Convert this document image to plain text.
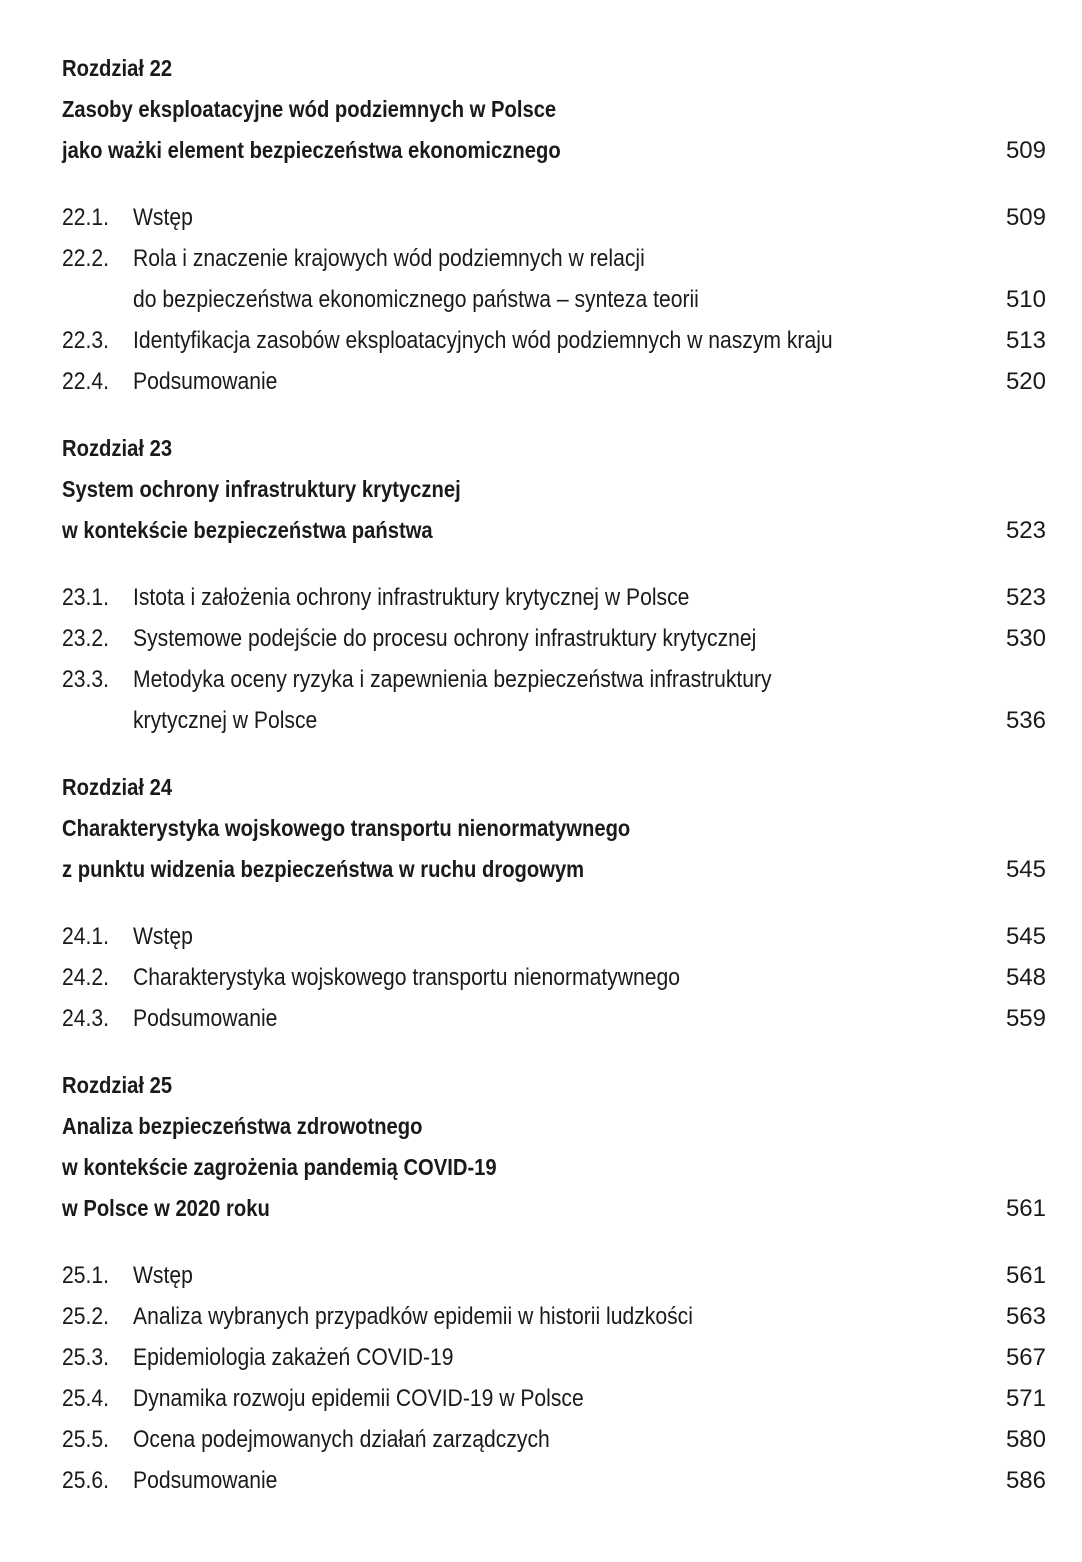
Rozdział 22
Zasoby eksploatacyjne wód podziemnych w Polsce
jako ważki element bezpieczeństwa ekonomicznego	509
22.1.	Wstęp	509
22.2.	Rola i znaczenie krajowych wód podziemnych w relacji
do bezpieczeństwa ekonomicznego państwa – synteza teorii	510
22.3.	Identyfikacja zasobów eksploatacyjnych wód podziemnych w naszym kraju	513
22.4.	Podsumowanie	520
Rozdział 23
System ochrony infrastruktury krytycznej
w kontekście bezpieczeństwa państwa	523
23.1.	Istota i założenia ochrony infrastruktury krytycznej w Polsce	523
23.2.	Systemowe podejście do procesu ochrony infrastruktury krytycznej	530
23.3.	Metodyka oceny ryzyka i zapewnienia bezpieczeństwa infrastruktury
krytycznej w Polsce	536
Rozdział 24
Charakterystyka wojskowego transportu nienormatywnego
z punktu widzenia bezpieczeństwa w ruchu drogowym	545
24.1.	Wstęp	545
24.2.	Charakterystyka wojskowego transportu nienormatywnego	548
24.3.	Podsumowanie	559
Rozdział 25
Analiza bezpieczeństwa zdrowotnego
w kontekście zagrożenia pandemią COVID-19
w Polsce w 2020 roku	561
25.1.	Wstęp	561
25.2.	Analiza wybranych przypadków epidemii w historii ludzkości	563
25.3.	Epidemiologia zakażeń COVID-19	567
25.4.	Dynamika rozwoju epidemii COVID-19 w Polsce	571
25.5.	Ocena podejmowanych działań zarządczych	580
25.6.	Podsumowanie	586
